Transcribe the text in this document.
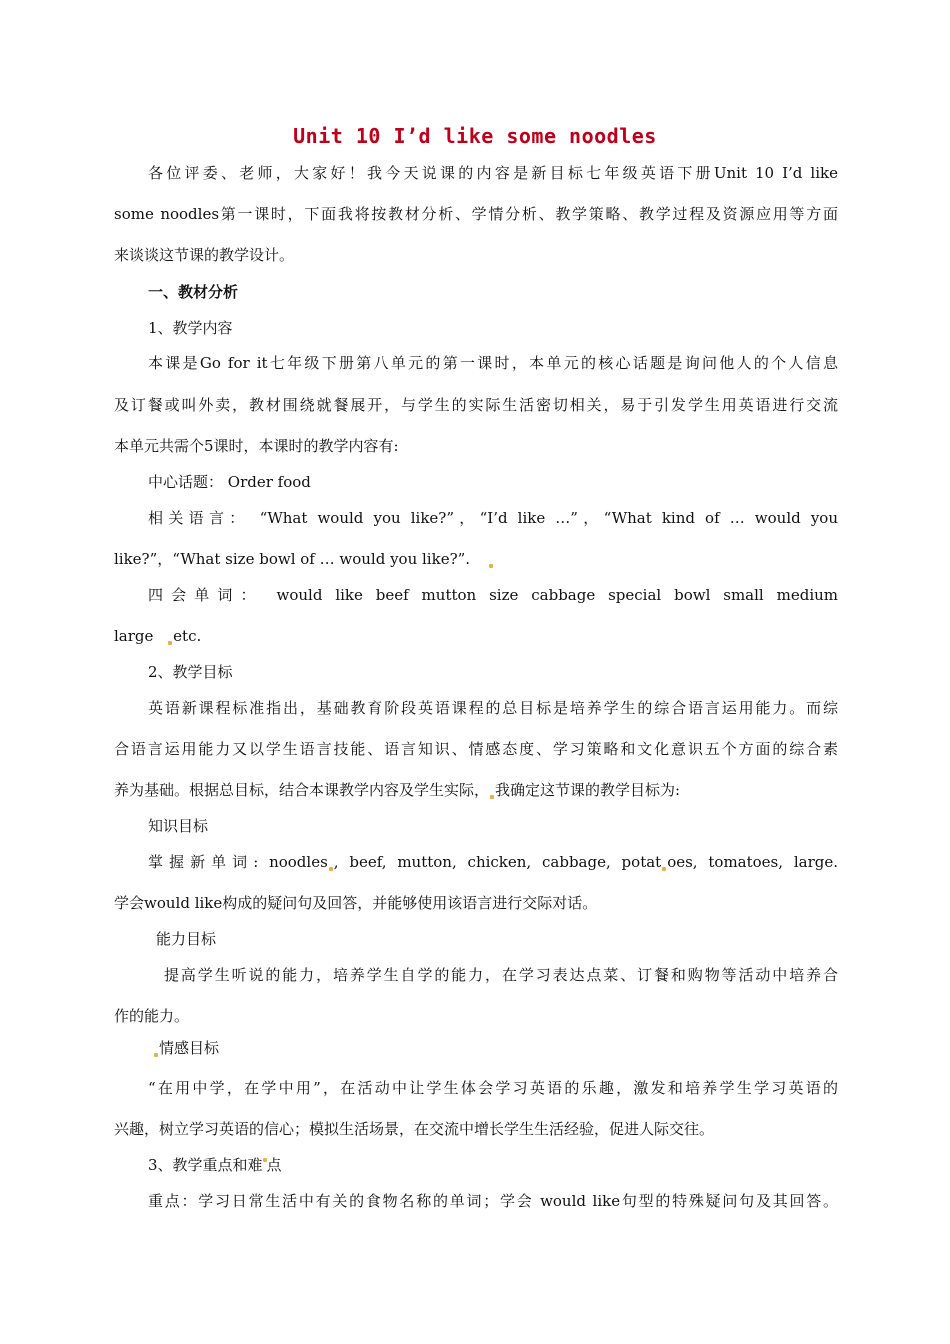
Unit 10 I’d like some noodles
各位评委、老师，大家好！我今天说课的内容是新目标七年级英语下册Unit 10 I’d like
some noodles第一课时，下面我将按教材分析、学情分析、教学策略、教学过程及资源应用等方面
来谈谈这节课的教学设计。
一、教材分析
1、教学内容
本课是Go for it七年级下册第八单元的第一课时，本单元的核心话题是询问他人的个人信息
及订餐或叫外卖，教材围绕就餐展开，与学生的实际生活密切相关，易于引发学生用英语进行交流
本单元共需个5课时，本课时的教学内容有:
中心话题： Order food
相关语言： “What would you like?”，“I’d like …”，“What kind of … would you
like?”，“What size bowl of … would you like?”.
四会单词： would like beef mutton size cabbage special bowl small medium
large etc.
2、教学目标
英语新课程标准指出，基础教育阶段英语课程的总目标是培养学生的综合语言运用能力。而综
合语言运用能力又以学生语言技能、语言知识、情感态度、学习策略和文化意识五个方面的综合素
养为基础。根据总目标，结合本课教学内容及学生实际， 我确定这节课的教学目标为:
知识目标
掌握新单词: noodles , beef, mutton, chicken, cabbage, potat oes, tomatoes, large.
学会would like构成的疑问句及回答，并能够使用该语言进行交际对话。
能力目标
提高学生听说的能力，培养学生自学的能力，在学习表达点菜、订餐和购物等活动中培养合
作的能力。
情感目标
“在用中学，在学中用”，在活动中让学生体会学习英语的乐趣，激发和培养学生学习英语的
兴趣，树立学习英语的信心；模拟生活场景，在交流中增长学生生活经验，促进人际交往。
3、教学重点和难 点
重点：学习日常生活中有关的食物名称的单词；学会 would like句型的特殊疑问句及其回答。
